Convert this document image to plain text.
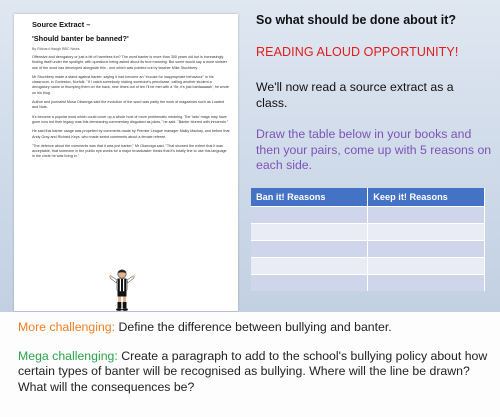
Source Extract –
'Should banter be banned?'
By Richard Haugh BBC News

Offensive and derogatory or just a bit of harmless fun? The word banter is more than 300 years old but is increasingly finding itself under the spotlight, with questions being asked about its true meaning. But some would say a more sinister use of the word has developed alongside this - one which was pointed out by teacher Mike Stuchbery.

Mr Stuchbery made a stand against banter, saying it had become an "excuse for inappropriate behaviour" in his classroom, in Gorleston, Norfolk. "If I catch somebody nicking someone's pencilcase, calling another student a derogatory name or thumping them on the back, nine times out of ten I'll be met with a 'Sir, it's just bantaaaaah', he wrote on his blog.

Author and journalist Musa Okwonga said the evolution of the word was partly the work of magazines such as Loaded and Nuts.

It's become a popular word which could cover up a whole host of more problematic meaning. The 'lads' mags may have gone now but their legacy was this demeaning commentary disguised as jokes," he said. "Banter blurred with innuendo."

He said this banter usage was propelled by comments made by Premier League manager Malky Mackay, and before that Andy Gray and Richard Keys, who made sexist comments about a female referee.

"The defence about the comments was that it was just banter," Mr Okwonga said. "That showed the extent that it was acceptable, that someone in the public eye works for a major broadcaster thinks that it's totally fine to use this language in the circle he was living in."

So what should be done about it?
READING ALOUD OPPORTUNITY!
We'll now read a source extract as a class.
Draw the table below in your books and then your pairs, come up with 5 reasons on each side.
Ban it! Reasons	Keep it! Reasons

More challenging: Define the difference between bullying and banter.
Mega challenging: Create a paragraph to add to the school's bullying policy about how certain types of banter will be recognised as bullying. Where will the line be drawn? What will the consequences be?
